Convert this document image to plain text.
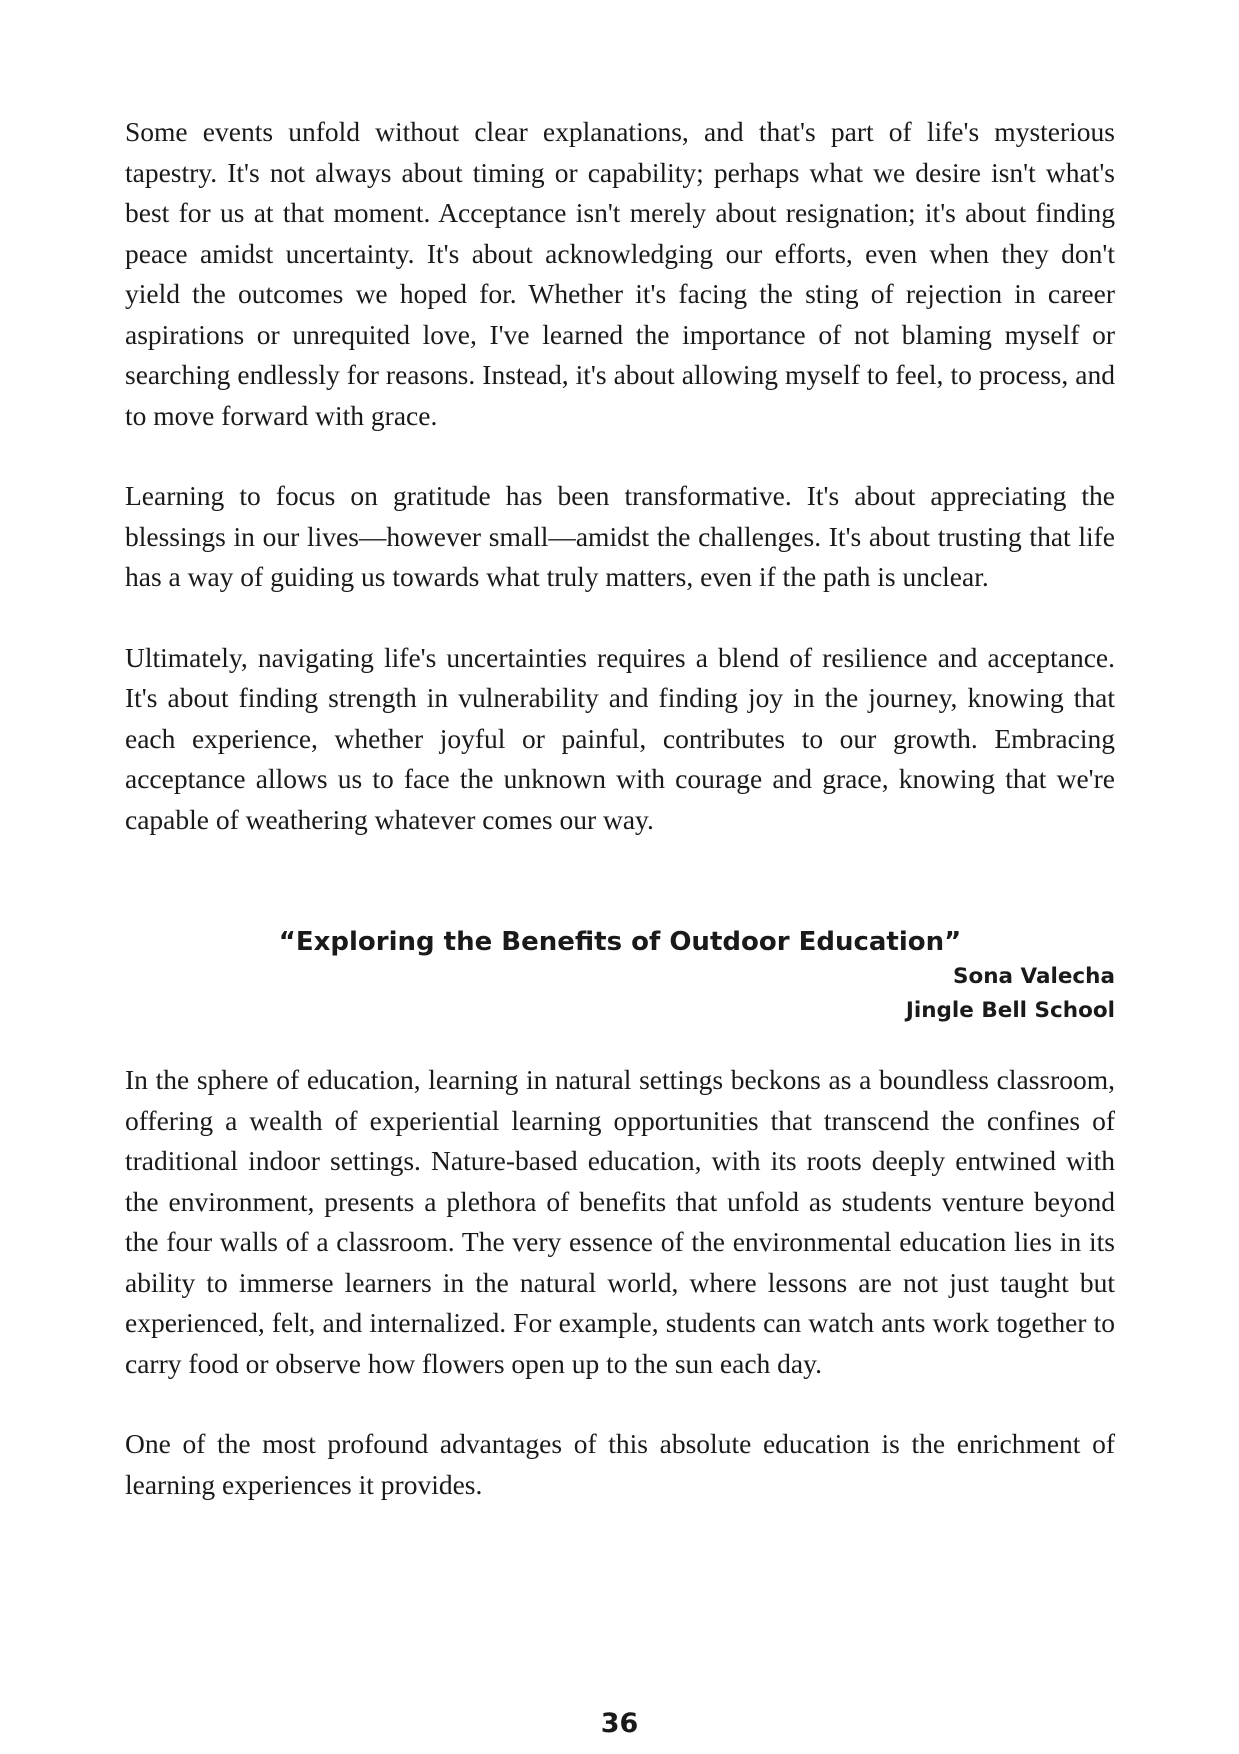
Some events unfold without clear explanations, and that's part of life's mysterious tapestry. It's not always about timing or capability; perhaps what we desire isn't what's best for us at that moment. Acceptance isn't merely about resignation; it's about finding peace amidst uncertainty. It's about acknowledging our efforts, even when they don't yield the outcomes we hoped for. Whether it's facing the sting of rejection in career aspirations or unrequited love, I've learned the importance of not blaming myself or searching endlessly for reasons. Instead, it's about allowing myself to feel, to process, and to move forward with grace.

Learning to focus on gratitude has been transformative. It's about appreciating the blessings in our lives—however small—amidst the challenges. It's about trusting that life has a way of guiding us towards what truly matters, even if the path is unclear.

Ultimately, navigating life's uncertainties requires a blend of resilience and acceptance. It's about finding strength in vulnerability and finding joy in the journey, knowing that each experience, whether joyful or painful, contributes to our growth. Embracing acceptance allows us to face the unknown with courage and grace, knowing that we're capable of weathering whatever comes our way.

“Exploring the Benefits of Outdoor Education”

Sona Valecha

Jingle Bell School

In the sphere of education, learning in natural settings beckons as a boundless classroom, offering a wealth of experiential learning opportunities that transcend the confines of traditional indoor settings. Nature-based education, with its roots deeply entwined with the environment, presents a plethora of benefits that unfold as students venture beyond the four walls of a classroom. The very essence of the environmental education lies in its ability to immerse learners in the natural world, where lessons are not just taught but experienced, felt, and internalized. For example, students can watch ants work together to carry food or observe how flowers open up to the sun each day.

One of the most profound advantages of this absolute education is the enrichment of learning experiences it provides.

36
